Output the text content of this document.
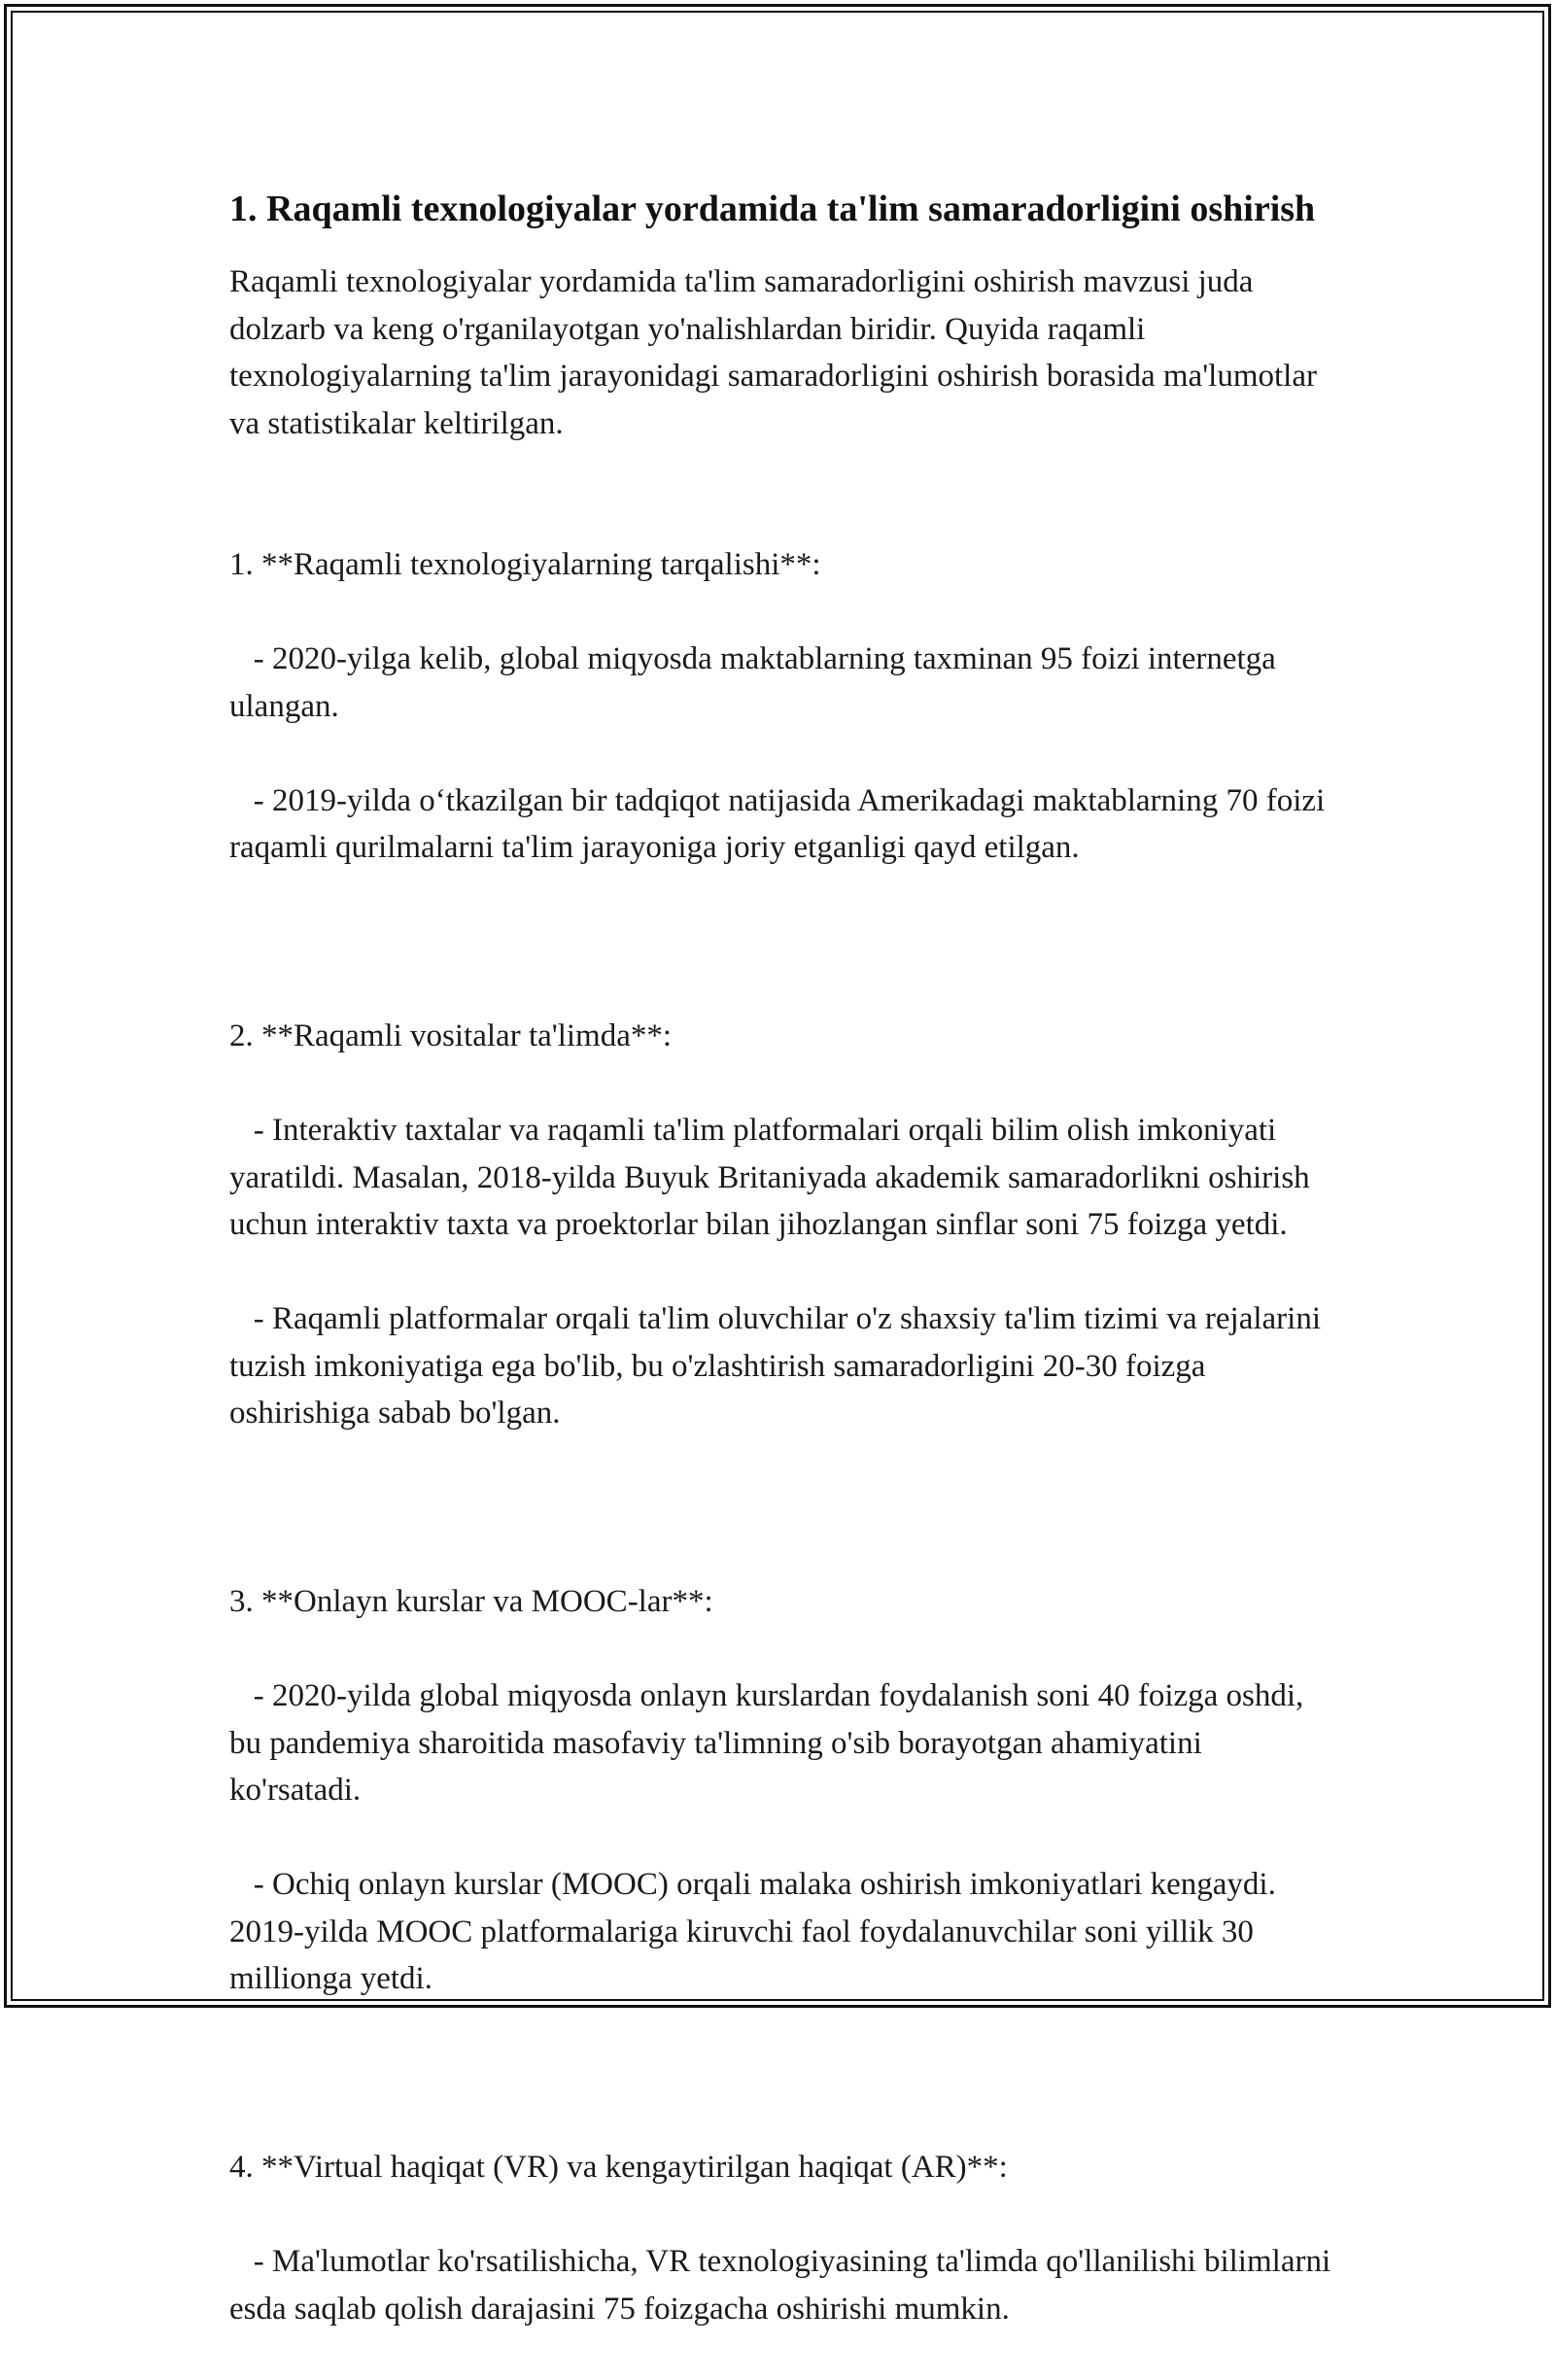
1. Raqamli texnologiyalar yordamida ta'lim samaradorligini oshirish

Raqamli texnologiyalar yordamida ta'lim samaradorligini oshirish mavzusi juda dolzarb va keng o'rganilayotgan yo'nalishlardan biridir. Quyida raqamli texnologiyalarning ta'lim jarayonidagi samaradorligini oshirish borasida ma'lumotlar va statistikalar keltirilgan.

1. **Raqamli texnologiyalarning tarqalishi**:

- 2020-yilga kelib, global miqyosda maktablarning taxminan 95 foizi internetga ulangan.

- 2019-yilda o‘tkazilgan bir tadqiqot natijasida Amerikadagi maktablarning 70 foizi raqamli qurilmalarni ta'lim jarayoniga joriy etganligi qayd etilgan.

2. **Raqamli vositalar ta'limda**:

- Interaktiv taxtalar va raqamli ta'lim platformalari orqali bilim olish imkoniyati yaratildi. Masalan, 2018-yilda Buyuk Britaniyada akademik samaradorlikni oshirish uchun interaktiv taxta va proektorlar bilan jihozlangan sinflar soni 75 foizga yetdi.

- Raqamli platformalar orqali ta'lim oluvchilar o'z shaxsiy ta'lim tizimi va rejalarini tuzish imkoniyatiga ega bo'lib, bu o'zlashtirish samaradorligini 20-30 foizga oshirishiga sabab bo'lgan.

3. **Onlayn kurslar va MOOC-lar**:

- 2020-yilda global miqyosda onlayn kurslardan foydalanish soni 40 foizga oshdi, bu pandemiya sharoitida masofaviy ta'limning o'sib borayotgan ahamiyatini ko'rsatadi.

- Ochiq onlayn kurslar (MOOC) orqali malaka oshirish imkoniyatlari kengaydi. 2019-yilda MOOC platformalariga kiruvchi faol foydalanuvchilar soni yillik 30 millionga yetdi.

4. **Virtual haqiqat (VR) va kengaytirilgan haqiqat (AR)**:

- Ma'lumotlar ko'rsatilishicha, VR texnologiyasining ta'limda qo'llanilishi bilimlarni esda saqlab qolish darajasini 75 foizgacha oshirishi mumkin.
